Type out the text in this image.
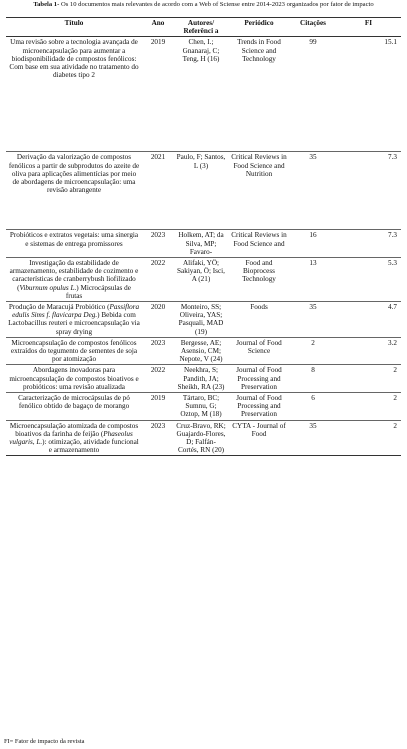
Tabela 1- Os 10 documentos mais relevantes de acordo com a Web of Sciense entre 2014-2023 organizados por fator de impacto
Título	Ano	Autores/ Referênci a	Periódico	Citações	FI
Uma revisão sobre a tecnologia avançada de microencapsulação para aumentar a biodisponibilidade de compostos fenólicos: Com base em sua atividade no tratamento do diabetes tipo 2	2019	Chen, I.; Gnanaraj, C; Teng, H (16)	Trends in Food Science and Technology	99	15.1
Derivação da valorização de compostos fenólicos a partir de subprodutos do azeite de oliva para aplicações alimentícias por meio de abordagens de microencapsulação: uma revisão abrangente	2021	Paulo, F; Santos, L (3)	Critical Reviews in Food Science and Nutrition	35	7.3
Probióticos e extratos vegetais: uma sinergia e sistemas de entrega promissores	2023	Holkem, AT; da Silva, MP; Favaro-	Critical Reviews in Food Science and	16	7.3
Investigação da estabilidade de armazenamento, estabilidade de cozimento e características de cranberrybush liofilizado (Viburnum opulus L.) Microcápsulas de frutas	2022	Alifaki, YÖ; Sakiyan, Ö; Isci, A (21)	Food and Bioprocess Technology	13	5.3
Produção de Maracujá Probiótico (Passiflora edulis Sims f. flavicarpa Deg.) Bebida com Lactobacillus reuteri e microencapsulação via spray drying	2020	Monteiro, SS; Oliveira, YAS; Pasquali, MAD (19)	Foods	35	4.7
Microencapsulação de compostos fenólicos extraídos do tegumento de sementes de soja por atomização	2023	Bergesse, AE; Asensio, CM; Nepote, V (24)	Journal of Food Science	2	3.2
Abordagens inovadoras para microencapsulação de compostos bioativos e probióticos: uma revisão atualizada	2022	Neekhra, S; Pandith, JA; Sheikh, RA (23)	Journal of Food Processing and Preservation	8	2
Caracterização de microcápsulas de pó fenólico obtido de bagaço de morango	2019	Tártaro, BC; Sumnu, G; Oztop, M (18)	Journal of Food Processing and Preservation	6	2
Microencapsulação atomizada de compostos bioativos da farinha de feijão (Phaseolus vulgaris, L.): otimização, atividade funcional e armazenamento	2023	Cruz-Bravo, RK; Guajardo-Flores, D; Falfán-Cortés, RN (20)	CYTA - Journal of Food	35	2
FI= Fator de impacto da revista
